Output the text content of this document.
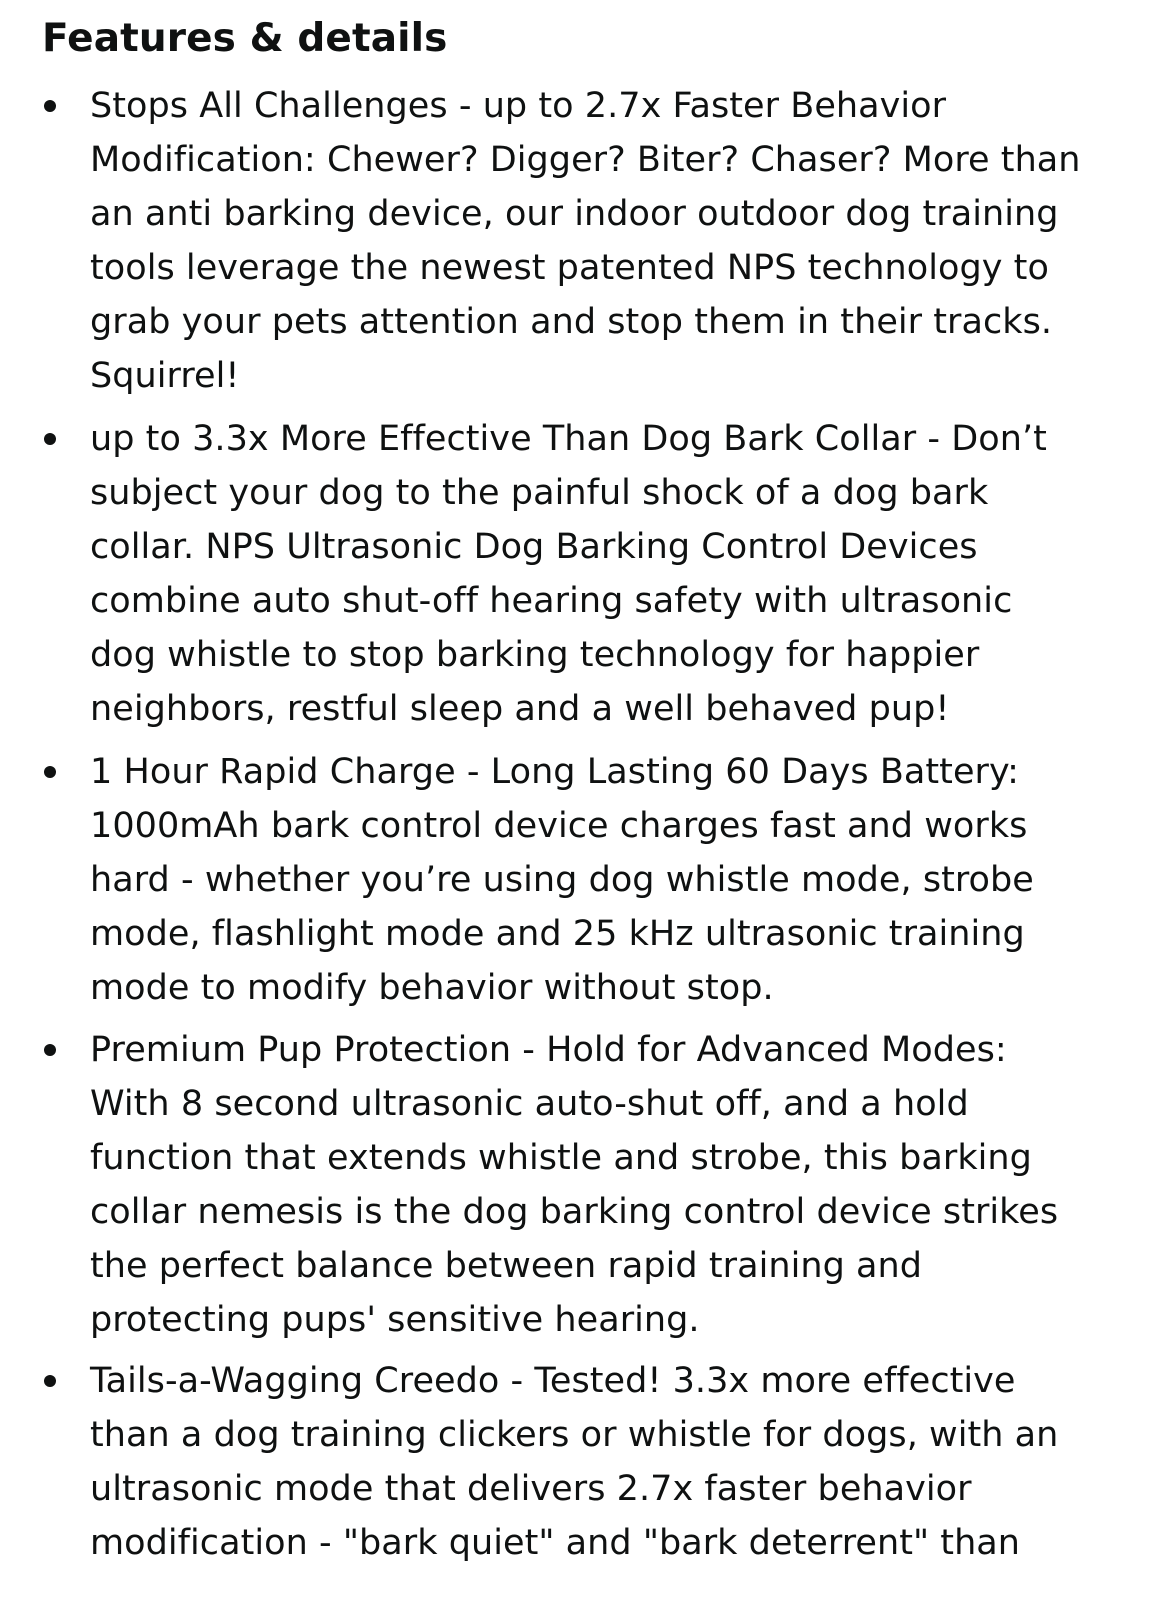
Features & details

Stops All Challenges - up to 2.7x Faster Behavior
Modification: Chewer? Digger? Biter? Chaser? More than
an anti barking device, our indoor outdoor dog training
tools leverage the newest patented NPS technology to
grab your pets attention and stop them in their tracks.
Squirrel!

up to 3.3x More Effective Than Dog Bark Collar - Don’t
subject your dog to the painful shock of a dog bark
collar. NPS Ultrasonic Dog Barking Control Devices
combine auto shut-off hearing safety with ultrasonic
dog whistle to stop barking technology for happier
neighbors, restful sleep and a well behaved pup!

1 Hour Rapid Charge - Long Lasting 60 Days Battery:
1000mAh bark control device charges fast and works
hard - whether you’re using dog whistle mode, strobe
mode, flashlight mode and 25 kHz ultrasonic training
mode to modify behavior without stop.

Premium Pup Protection - Hold for Advanced Modes:
With 8 second ultrasonic auto-shut off, and a hold
function that extends whistle and strobe, this barking
collar nemesis is the dog barking control device strikes
the perfect balance between rapid training and
protecting pups' sensitive hearing.

Tails-a-Wagging Creedo - Tested! 3.3x more effective
than a dog training clickers or whistle for dogs, with an
ultrasonic mode that delivers 2.7x faster behavior
modification - "bark quiet" and "bark deterrent" than
